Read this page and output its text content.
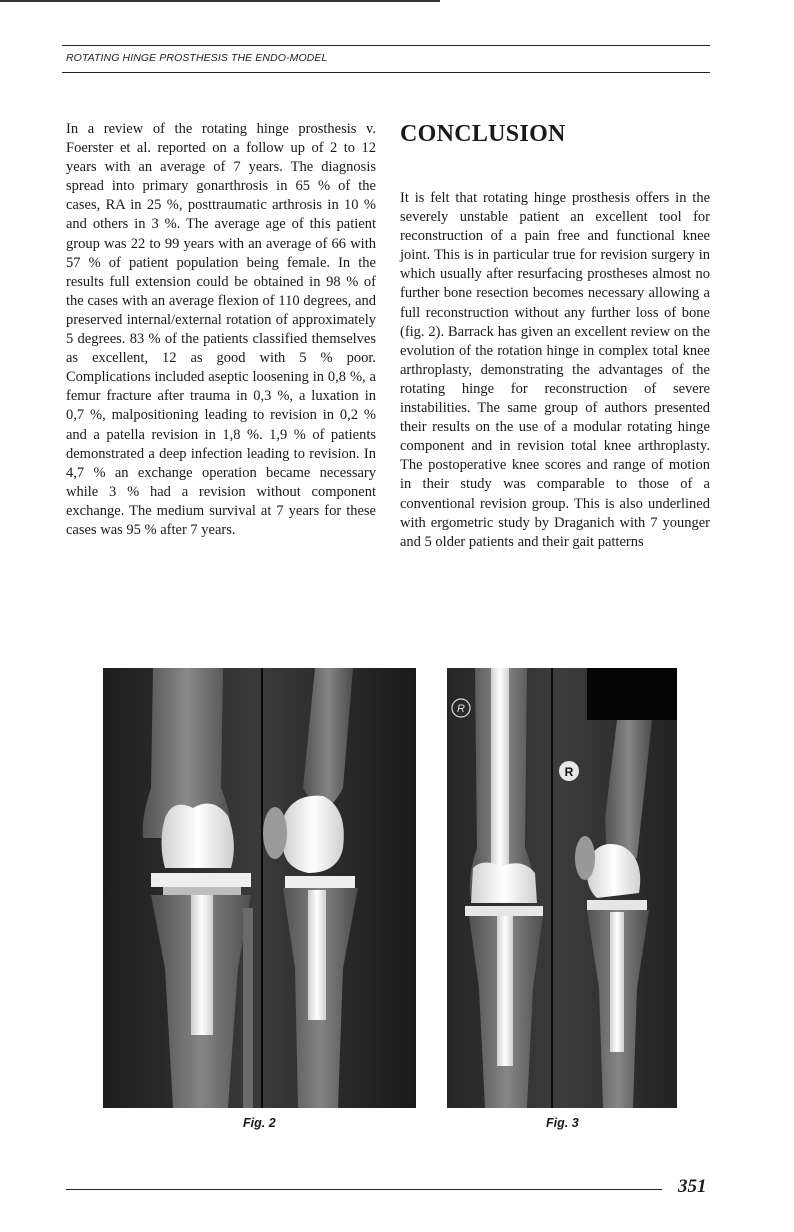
ROTATING HINGE PROSTHESIS THE ENDO-MODEL

In a review of the rotating hinge prosthesis v. Foerster et al. reported on a follow up of 2 to 12 years with an average of 7 years. The diagnosis spread into primary gonarthrosis in 65 % of the cases, RA in 25 %, posttraumatic arthrosis in 10 % and others in 3 %. The average age of this patient group was 22 to 99 years with an average of 66 with 57 % of patient population being female. In the results full extension could be obtained in 98 % of the cases with an average flexion of 110 degrees, and preserved internal/external rotation of approximately 5 degrees. 83 % of the patients classified themselves as excellent, 12 as good with 5 % poor. Complications included aseptic loosening in 0,8 %, a femur fracture after trauma in 0,3 %, a luxation in 0,7 %, malpositioning leading to revision in 0,2 % and a patella revision in 1,8 %. 1,9 % of patients demonstrated a deep infection leading to revision. In 4,7 % an exchange operation became necessary while 3 % had a revision without component exchange. The medium survival at 7 years for these cases was 95 % after 7 years.

CONCLUSION

It is felt that rotating hinge prosthesis offers in the severely unstable patient an excellent tool for reconstruction of a pain free and functional knee joint. This is in particular true for revision surgery in which usually after resurfacing prostheses almost no further bone resection becomes necessary allowing a full reconstruction without any further loss of bone (fig. 2). Barrack has given an excellent review on the evolution of the rotation hinge in complex total knee arthroplasty, demonstrating the advantages of the rotating hinge for reconstruction of severe instabilities. The same group of authors presented their results on the use of a modular rotating hinge component and in revision total knee arthroplasty. The postoperative knee scores and range of motion in their study was comparable to those of a conventional revision group. This is also underlined with ergometric study by Draganich with 7 younger and 5 older patients and their gait patterns

R
R
Fig. 2	Fig. 3
351
